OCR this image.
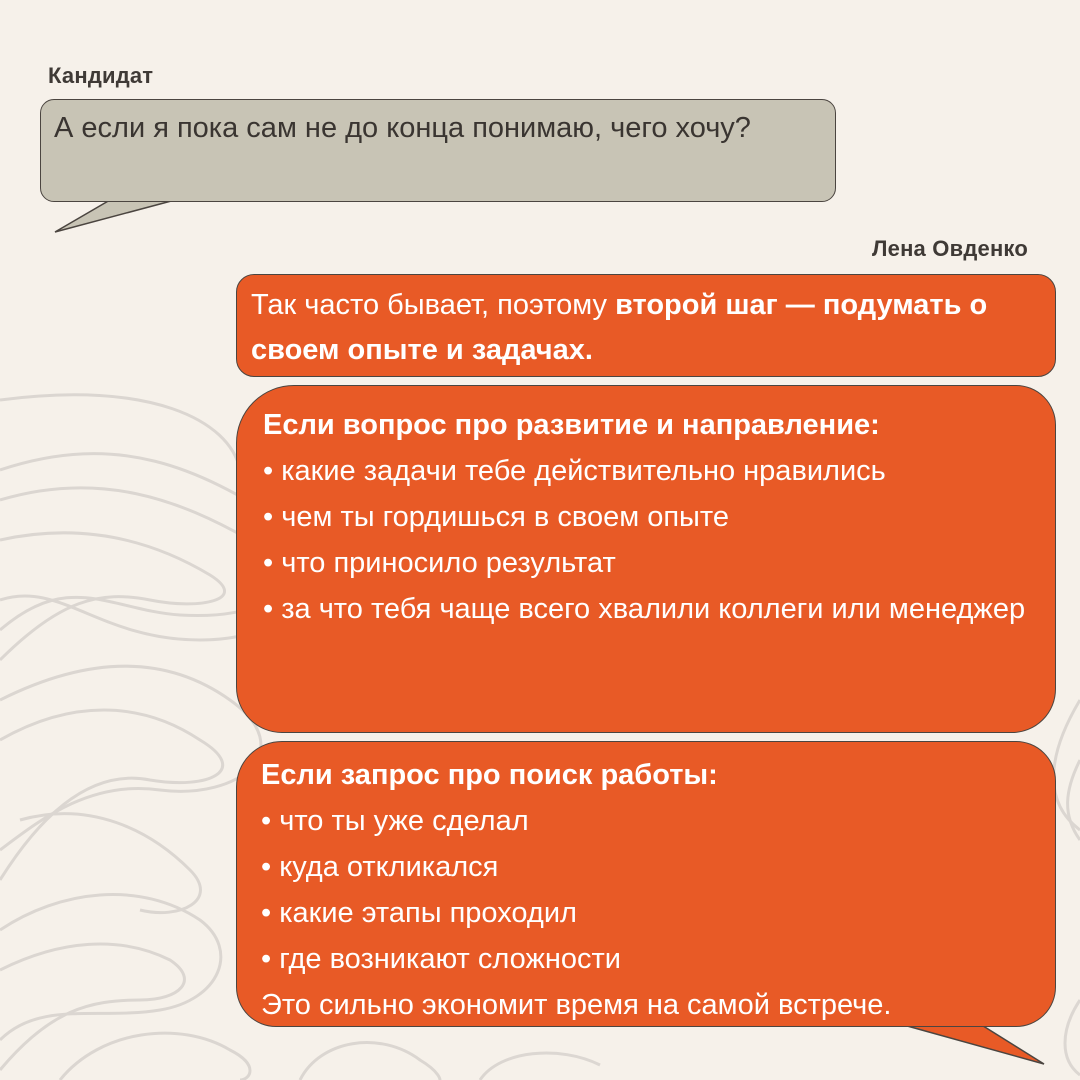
Кандидат
А если я пока сам не до конца понимаю, чего хочу?
Лена Овденко
Так часто бывает, поэтому второй шаг — подумать о своем опыте и задачах.
Если вопрос про развитие и направление:
• какие задачи тебе действительно нравились
• чем ты гордишься в своем опыте
• что приносило результат
• за что тебя чаще всего хвалили коллеги или менеджер
Если запрос про поиск работы:
• что ты уже сделал
• куда откликался
• какие этапы проходил
• где возникают сложности
Это сильно экономит время на самой встрече.
